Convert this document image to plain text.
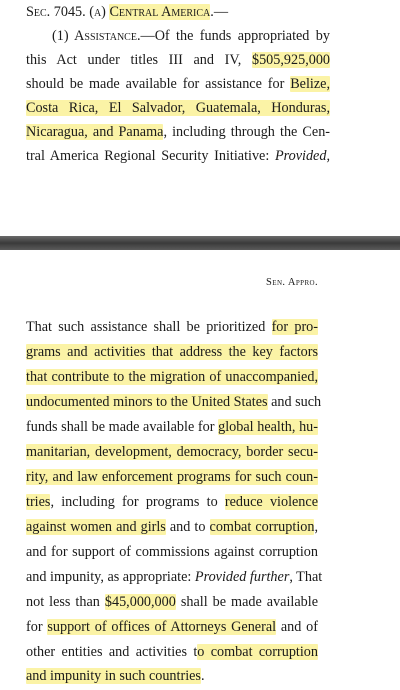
Sec. 7045. (a) Central America.—
(1) Assistance.—Of the funds appropriated by
this Act under titles III and IV, $505,925,000
should be made available for assistance for Belize,
Costa Rica, El Salvador, Guatemala, Honduras,
Nicaragua, and Panama, including through the Cen-
tral America Regional Security Initiative: Provided,
Sen. Appro.
That such assistance shall be prioritized for pro-
grams and activities that address the key factors
that contribute to the migration of unaccompanied,
undocumented minors to the United States and such
funds shall be made available for global health, hu-
manitarian, development, democracy, border secu-
rity, and law enforcement programs for such coun-
tries, including for programs to reduce violence
against women and girls and to combat corruption,
and for support of commissions against corruption
and impunity, as appropriate: Provided further, That
not less than $45,000,000 shall be made available
for support of offices of Attorneys General and of
other entities and activities to combat corruption
and impunity in such countries.
